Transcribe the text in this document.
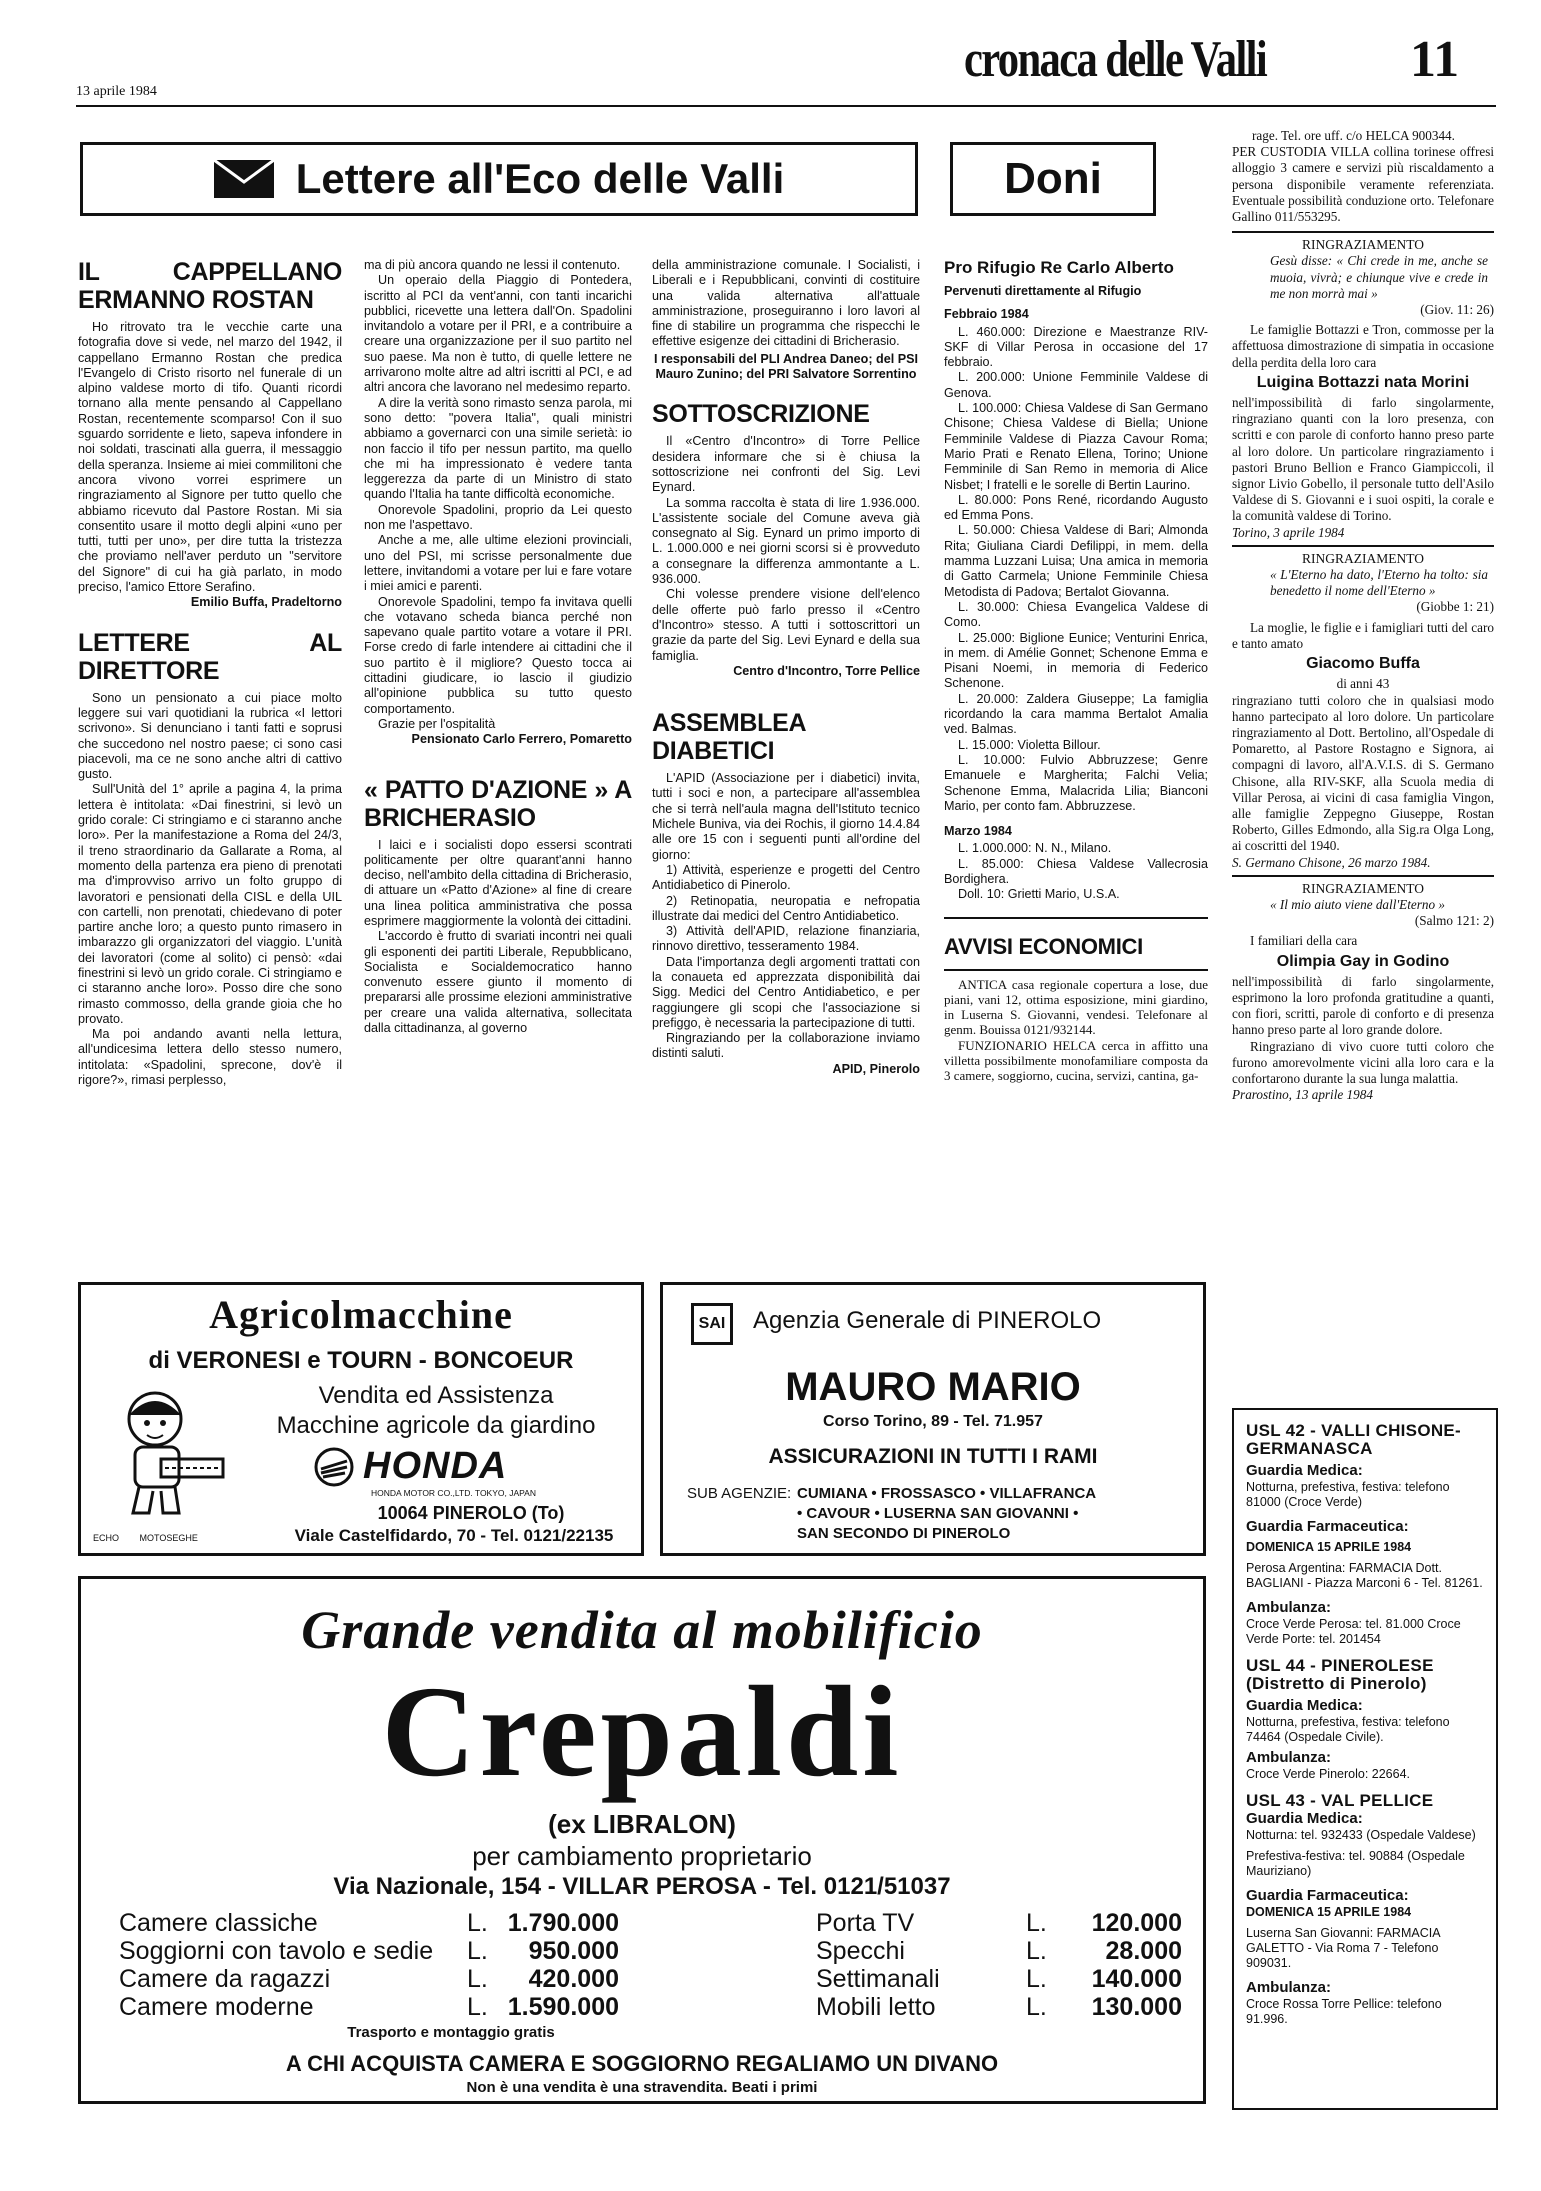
13 aprile 1984
cronaca delle Valli	11
Lettere all'Eco delle Valli	Doni
IL CAPPELLANO ERMANNO ROSTAN

Ho ritrovato tra le vecchie carte una fotografia dove si vede, nel marzo del 1942, il cappellano Ermanno Rostan che predica l'Evangelo di Cristo risorto nel funerale di un alpino valdese morto di tifo. Quanti ricordi tornano alla mente pensando al Cappellano Rostan, recentemente scomparso! Con il suo sguardo sorridente e lieto, sapeva infondere in noi soldati, trascinati alla guerra, il messaggio della speranza. Insieme ai miei commilitoni che ancora vivono vorrei esprimere un ringraziamento al Signore per tutto quello che abbiamo ricevuto dal Pastore Rostan. Mi sia consentito usare il motto degli alpini «uno per tutti, tutti per uno», per dire tutta la tristezza che proviamo nell'aver perduto un "servitore del Signore" di cui ha già parlato, in modo preciso, l'amico Ettore Serafino.

Emilio Buffa, Pradeltorno

LETTERE AL DIRETTORE

Sono un pensionato a cui piace molto leggere sui vari quotidiani la rubrica «I lettori scrivono». Si denunciano i tanti fatti e soprusi che succedono nel nostro paese; ci sono casi piacevoli, ma ce ne sono anche altri di cattivo gusto.

Sull'Unità del 1° aprile a pagina 4, la prima lettera è intitolata: «Dai finestrini, si levò un grido corale: Ci stringiamo e ci staranno anche loro». Per la manifestazione a Roma del 24/3, il treno straordinario da Gallarate a Roma, al momento della partenza era pieno di prenotati ma d'improvviso arrivo un folto gruppo di lavoratori e pensionati della CISL e della UIL con cartelli, non prenotati, chiedevano di poter partire anche loro; a questo punto rimasero in imbarazzo gli organizzatori del viaggio. L'unità dei lavoratori (come al solito) ci pensò: «dai finestrini si levò un grido corale. Ci stringiamo e ci staranno anche loro». Posso dire che sono rimasto commosso, della grande gioia che ho provato.

Ma poi andando avanti nella lettura, all'undicesima lettera dello stesso numero, intitolata: «Spadolini, sprecone, dov'è il rigore?», rimasi perplesso,

ma di più ancora quando ne lessi il contenuto.

Un operaio della Piaggio di Pontedera, iscritto al PCI da vent'anni, con tanti incarichi pubblici, ricevette una lettera dall'On. Spadolini invitandolo a votare per il PRI, e a contribuire a creare una organizzazione per il suo partito nel suo paese. Ma non è tutto, di quelle lettere ne arrivarono molte altre ad altri iscritti al PCI, e ad altri ancora che lavorano nel medesimo reparto.

A dire la verità sono rimasto senza parola, mi sono detto: "povera Italia", quali ministri abbiamo a governarci con una simile serietà: io non faccio il tifo per nessun partito, ma quello che mi ha impressionato è vedere tanta leggerezza da parte di un Ministro di stato quando l'Italia ha tante difficoltà economiche.

Onorevole Spadolini, proprio da Lei questo non me l'aspettavo.

Anche a me, alle ultime elezioni provinciali, uno del PSI, mi scrisse personalmente due lettere, invitandomi a votare per lui e fare votare i miei amici e parenti.

Onorevole Spadolini, tempo fa invitava quelli che votavano scheda bianca perché non sapevano quale partito votare a votare il PRI. Forse credo di farle intendere ai cittadini che il suo partito è il migliore? Questo tocca ai cittadini giudicare, io lascio il giudizio all'opinione pubblica su tutto questo comportamento.

Grazie per l'ospitalità

Pensionato Carlo Ferrero, Pomaretto

« PATTO D'AZIONE » A BRICHERASIO

I laici e i socialisti dopo essersi scontrati politicamente per oltre quarant'anni hanno deciso, nell'ambito della cittadina di Bricherasio, di attuare un «Patto d'Azione» al fine di creare una linea politica amministrativa che possa esprimere maggiormente la volontà dei cittadini.

L'accordo è frutto di svariati incontri nei quali gli esponenti dei partiti Liberale, Repubblicano, Socialista e Socialdemocratico hanno convenuto essere giunto il momento di prepararsi alle prossime elezioni amministrative per creare una valida alternativa, sollecitata dalla cittadinanza, al governo

della amministrazione comunale. I Socialisti, i Liberali e i Repubblicani, convinti di costituire una valida alternativa all'attuale amministrazione, proseguiranno i loro lavori al fine di stabilire un programma che rispecchi le effettive esigenze dei cittadini di Bricherasio.

I responsabili del PLI Andrea Daneo; del PSI Mauro Zunino; del PRI Salvatore Sorrentino

SOTTOSCRIZIONE

Il «Centro d'Incontro» di Torre Pellice desidera informare che si è chiusa la sottoscrizione nei confronti del Sig. Levi Eynard.

La somma raccolta è stata di lire 1.936.000. L'assistente sociale del Comune aveva già consegnato al Sig. Eynard un primo importo di L. 1.000.000 e nei giorni scorsi si è provveduto a consegnare la differenza ammontante a L. 936.000.

Chi volesse prendere visione dell'elenco delle offerte può farlo presso il «Centro d'Incontro» stesso. A tutti i sottoscrittori un grazie da parte del Sig. Levi Eynard e della sua famiglia.

Centro d'Incontro, Torre Pellice

ASSEMBLEA DIABETICI

L'APID (Associazione per i diabetici) invita, tutti i soci e non, a partecipare all'assemblea che si terrà nell'aula magna dell'Istituto tecnico Michele Buniva, via dei Rochis, il giorno 14.4.84 alle ore 15 con i seguenti punti all'ordine del giorno:

1) Attività, esperienze e progetti del Centro Antidiabetico di Pinerolo.

2) Retinopatia, neuropatia e nefropatia illustrate dai medici del Centro Antidiabetico.

3) Attività dell'APID, relazione finanziaria, rinnovo direttivo, tesseramento 1984.

Data l'importanza degli argomenti trattati con la conaueta ed apprezzata disponibilità dai Sigg. Medici del Centro Antidiabetico, e per raggiungere gli scopi che l'associazione si prefiggo, è necessaria la partecipazione di tutti.

Ringraziando per la collaborazione inviamo distinti saluti.

APID, Pinerolo

Pro Rifugio Re Carlo Alberto
Pervenuti direttamente al Rifugio
Febbraio 1984

L. 460.000: Direzione e Maestranze RIV-SKF di Villar Perosa in occasione del 17 febbraio.

L. 200.000: Unione Femminile Valdese di Genova.

L. 100.000: Chiesa Valdese di San Germano Chisone; Chiesa Valdese di Biella; Unione Femminile Valdese di Piazza Cavour Roma; Mario Prati e Renato Ellena, Torino; Unione Femminile di San Remo in memoria di Alice Nisbet; I fratelli e le sorelle di Bertin Laurino.

L. 80.000: Pons René, ricordando Augusto ed Emma Pons.

L. 50.000: Chiesa Valdese di Bari; Almonda Rita; Giuliana Ciardi Defilippi, in mem. della mamma Luzzani Luisa; Una amica in memoria di Gatto Carmela; Unione Femminile Chiesa Metodista di Padova; Bertalot Giovanna.

L. 30.000: Chiesa Evangelica Valdese di Como.

L. 25.000: Biglione Eunice; Venturini Enrica, in mem. di Amélie Gonnet; Schenone Emma e Pisani Noemi, in memoria di Federico Schenone.

L. 20.000: Zaldera Giuseppe; La famiglia ricordando la cara mamma Bertalot Amalia ved. Balmas.

L. 15.000: Violetta Billour.

L. 10.000: Fulvio Abbruzzese; Genre Emanuele e Margherita; Falchi Velia; Schenone Emma, Malacrida Lilia; Bianconi Mario, per conto fam. Abbruzzese.

Marzo 1984

L. 1.000.000: N. N., Milano.

L. 85.000: Chiesa Valdese Vallecrosia Bordighera.

Doll. 10: Grietti Mario, U.S.A.

AVVISI ECONOMICI

ANTICA casa regionale copertura a lose, due piani, vani 12, ottima esposizione, mini giardino, in Luserna S. Giovanni, vendesi. Telefonare al genm. Bouissa 0121/932144.

FUNZIONARIO HELCA cerca in affitto una villetta possibilmente monofamiliare composta da 3 camere, soggiorno, cucina, servizi, cantina, ga-

rage. Tel. ore uff. c/o HELCA 900344.

PER CUSTODIA VILLA collina torinese offresi alloggio 3 camere e servizi più riscaldamento a persona disponibile veramente referenziata. Eventuale possibilità conduzione orto. Telefonare Gallino 011/553295.

RINGRAZIAMENTO

Gesù disse: « Chi crede in me, anche se muoia, vivrà; e chiunque vive e crede in me non morrà mai »

(Giov. 11: 26)

Le famiglie Bottazzi e Tron, commosse per la affettuosa dimostrazione di simpatia in occasione della perdita della loro cara

Luigina Bottazzi nata Morini

nell'impossibilità di farlo singolarmente, ringraziano quanti con la loro presenza, con scritti e con parole di conforto hanno preso parte al loro dolore. Un particolare ringraziamento i pastori Bruno Bellion e Franco Giampiccoli, il signor Livio Gobello, il personale tutto dell'Asilo Valdese di S. Giovanni e i suoi ospiti, la corale e la comunità valdese di Torino.

Torino, 3 aprile 1984

RINGRAZIAMENTO

« L'Eterno ha dato, l'Eterno ha tolto: sia benedetto il nome dell'Eterno »

(Giobbe 1: 21)

La moglie, le figlie e i famigliari tutti del caro e tanto amato

Giacomo Buffa
di anni 43

ringraziano tutti coloro che in qualsiasi modo hanno partecipato al loro dolore. Un particolare ringraziamento al Dott. Bertolino, all'Ospedale di Pomaretto, al Pastore Rostagno e Signora, ai compagni di lavoro, all'A.V.I.S. di S. Germano Chisone, alla RIV-SKF, alla Scuola media di Villar Perosa, ai vicini di casa famiglia Vingon, alle famiglie Zeppegno Giuseppe, Rostan Roberto, Gilles Edmondo, alla Sig.ra Olga Long, ai coscritti del 1940.

S. Germano Chisone, 26 marzo 1984.

RINGRAZIAMENTO

« Il mio aiuto viene dall'Eterno »

(Salmo 121: 2)

I familiari della cara

Olimpia Gay in Godino

nell'impossibilità di farlo singolarmente, esprimono la loro profonda gratitudine a quanti, con fiori, scritti, parole di conforto e di presenza hanno preso parte al loro grande dolore.

Ringraziano di vivo cuore tutti coloro che furono amorevolmente vicini alla loro cara e la confortarono durante la sua lunga malattia.

Prarostino, 13 aprile 1984

Agricolmacchine
di VERONESI e TOURN - BONCOEUR
Vendita ed Assistenza
Macchine agricole da giardino
ECHO MOTOSEGHE
HONDA
HONDA MOTOR CO.,LTD. TOKYO, JAPAN
10064 PINEROLO (To)
Viale Castelfidardo, 70 - Tel. 0121/22135
SAI Agenzia Generale di PINEROLO
MAURO MARIO
Corso Torino, 89 - Tel. 71.957
ASSICURAZIONI IN TUTTI I RAMI
SUB AGENZIE: CUMIANA • FROSSASCO • VILLAFRANCA
• CAVOUR • LUSERNA SAN GIOVANNI •
SAN SECONDO DI PINEROLO
Grande vendita al mobilificio
Crepaldi
(ex LIBRALON)
per cambiamento proprietario
Via Nazionale, 154 - VILLAR PEROSA - Tel. 0121/51037
Camere classiche	L. 1.790.000
Soggiorni con tavolo e sedie	L.	950.000
Camere da ragazzi	L.	420.000
Camere moderne	L. 1.590.000
Porta TV	L.	120.000
Specchi	L.	28.000
Settimanali	L.	140.000
Mobili letto	L.	130.000
Trasporto e montaggio gratis
A CHI ACQUISTA CAMERA E SOGGIORNO REGALIAMO UN DIVANO
Non è una vendita è una stravendita. Beati i primi

USL 42 - VALLI CHISONE-GERMANASCA

Guardia Medica:

Notturna, prefestiva, festiva: telefono 81000 (Croce Verde)

Guardia Farmaceutica:

DOMENICA 15 APRILE 1984

Perosa Argentina: FARMACIA Dott. BAGLIANI - Piazza Marconi 6 - Tel. 81261.

Ambulanza:

Croce Verde Perosa: tel. 81.000 Croce Verde Porte: tel. 201454

USL 44 - PINEROLESE (Distretto di Pinerolo)

Guardia Medica:

Notturna, prefestiva, festiva: telefono 74464 (Ospedale Civile).

Ambulanza:

Croce Verde Pinerolo: 22664.

USL 43 - VAL PELLICE

Guardia Medica:

Notturna: tel. 932433 (Ospedale Valdese)

Prefestiva-festiva: tel. 90884 (Ospedale Mauriziano)

Guardia Farmaceutica:

DOMENICA 15 APRILE 1984

Luserna San Giovanni: FARMACIA GALETTO - Via Roma 7 - Telefono 909031.

Ambulanza:

Croce Rossa Torre Pellice: telefono 91.996.
